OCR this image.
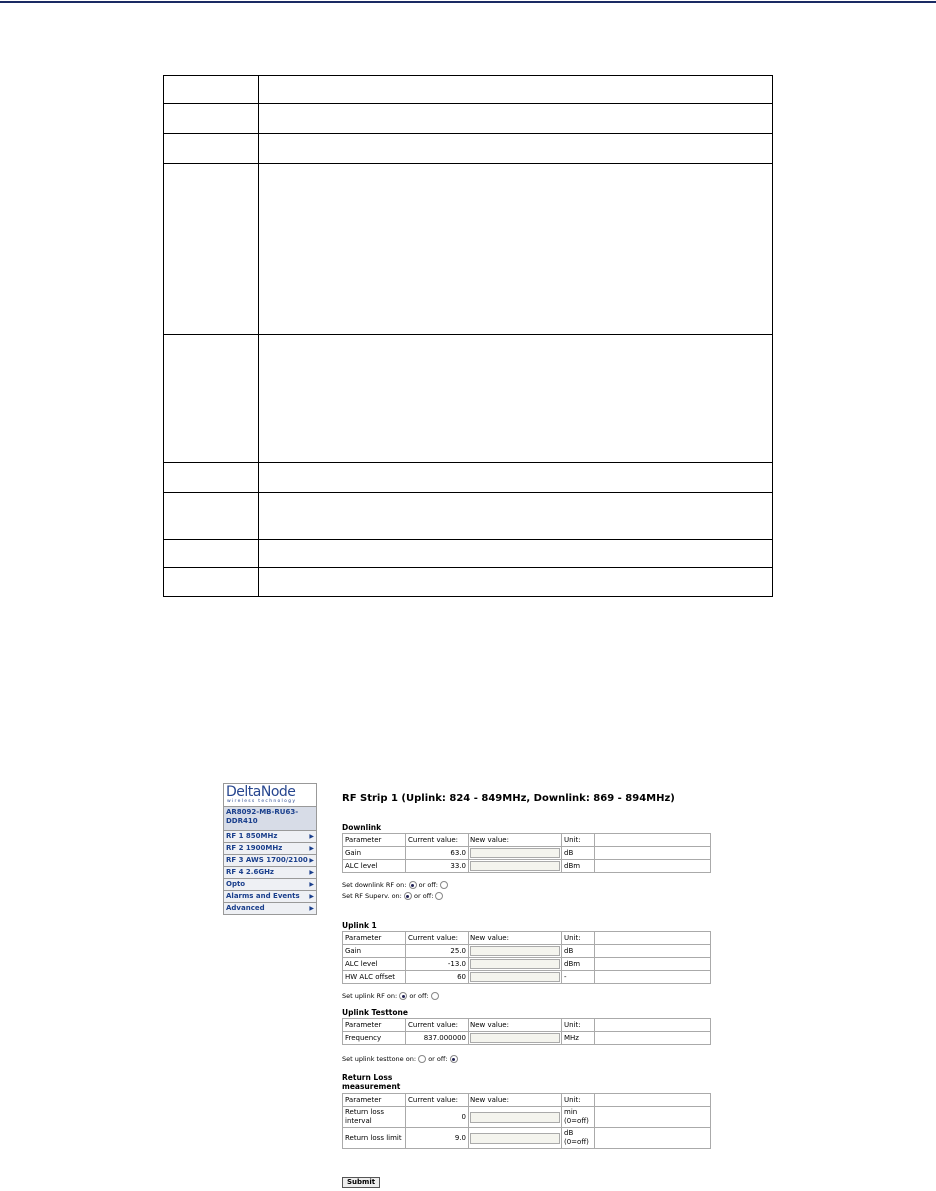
DeltaNode
wireless technology
AR8092-MB-RU63-DDR410
RF 1 850MHz	▶
RF 2 1900MHz	▶
RF 3 AWS 1700/2100 ▶
RF 4 2.6GHz	▶
Opto	▶
Alarms and Events ▶
Advanced	▶
RF Strip 1 (Uplink: 824 - 849MHz, Downlink: 869 - 894MHz)
Downlink
Parameter	Current value:	New value:	Unit:	
Gain	63.0		dB	
ALC level	33.0		dBm	
Set downlink RF on: or off:
Set RF Superv. on: or off:
Uplink 1
Parameter	Current value:	New value:	Unit:	
Gain	25.0		dB	
ALC level	-13.0		dBm	
HW ALC offset	60		-	
Set uplink RF on: or off:
Uplink Testtone
Parameter	Current value:	New value:	Unit:	
Frequency	837.000000		MHz	
Set uplink testtone on: or off:
Return Loss measurement
Parameter	Current value:	New value:	Unit:	
Return loss interval	0		min (0=off)	
Return loss limit	9.0		dB (0=off)	
Submit
